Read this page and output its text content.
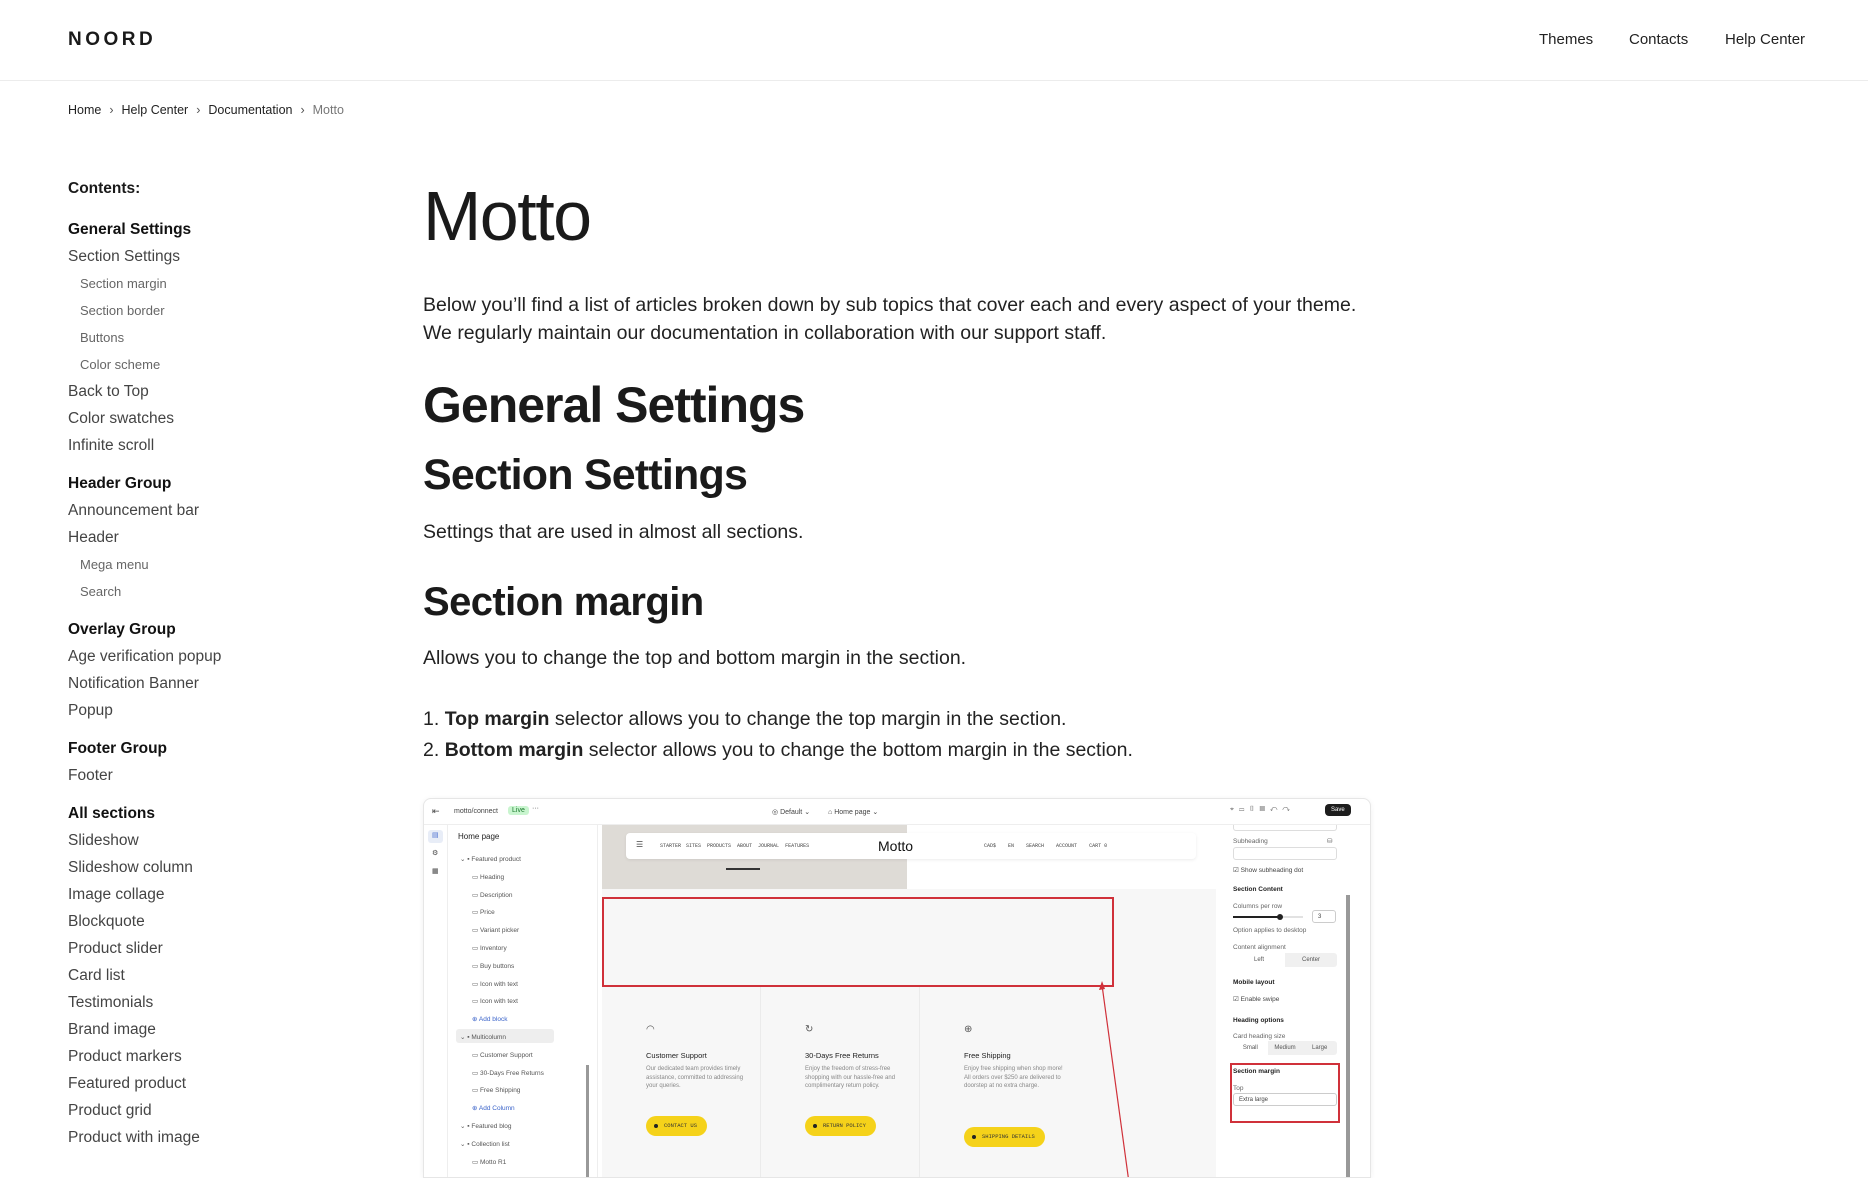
NOORD	Themes Contacts Help Center
Home › Help Center › Documentation › Motto
Contents:
General Settings
Section Settings
Section margin
Section border
Buttons
Color scheme
Back to Top
Color swatches
Infinite scroll
Header Group
Announcement bar
Header
Mega menu
Search
Overlay Group
Age verification popup
Notification Banner
Popup
Footer Group
Footer
All sections
Slideshow
Slideshow column
Image collage
Blockquote
Product slider
Card list
Testimonials
Brand image
Product markers
Featured product
Product grid
Product with image
Motto

Below you’ll find a list of articles broken down by sub topics that cover each and every aspect of your theme. We regularly maintain our documentation in collaboration with our support staff.

General Settings
Section Settings

Settings that are used in almost all sections.

Section margin

Allows you to change the top and bottom margin in the section.

1. Top margin selector allows you to change the top margin in the section.

2. Bottom margin selector allows you to change the bottom margin in the section.

⇤ motto/connect	Live	···
◎ Default ⌄	⌂ Home page ⌄	⌖▭▯▤↶↷	Save
▤
⚙
▦
Home page
⌄ ▪ Featured product
▭ Heading
▭ Description
▭ Price
▭ Variant picker
▭ Inventory
▭ Buy buttons
▭ Icon with text
▭ Icon with text
⊕ Add block
⌄ ▪ Multicolumn
▭ Customer Support
▭ 30-Days Free Returns
▭ Free Shipping
⊕ Add Column
⌄ ▪ Featured blog
⌄ ▪ Collection list
▭ Motto R1
☰	STARTER SITES PRODUCTS ABOUT JOURNAL FEATURES	Motto	CAD$ EN SEARCH ACCOUNT CART 0
◠
Customer Support
Our dedicated team provides timely assistance, committed to addressing your queries.
CONTACT US
↻
30-Days Free Returns
Enjoy the freedom of stress-free shopping with our hassle-free and complimentary return policy.
RETURN POLICY
⊕
Free Shipping
Enjoy free shipping when shop more! All orders over $250 are delivered to doorstep at no extra charge.
SHIPPING DETAILS
Subheading	⛁
☑ Show subheading dot
Section Content
Columns per row
3
Option applies to desktop
Content alignment
Left	Center
Mobile layout
☑ Enable swipe
Heading options
Card heading size
Small	Medium	Large
Section margin
Top
Extra large
